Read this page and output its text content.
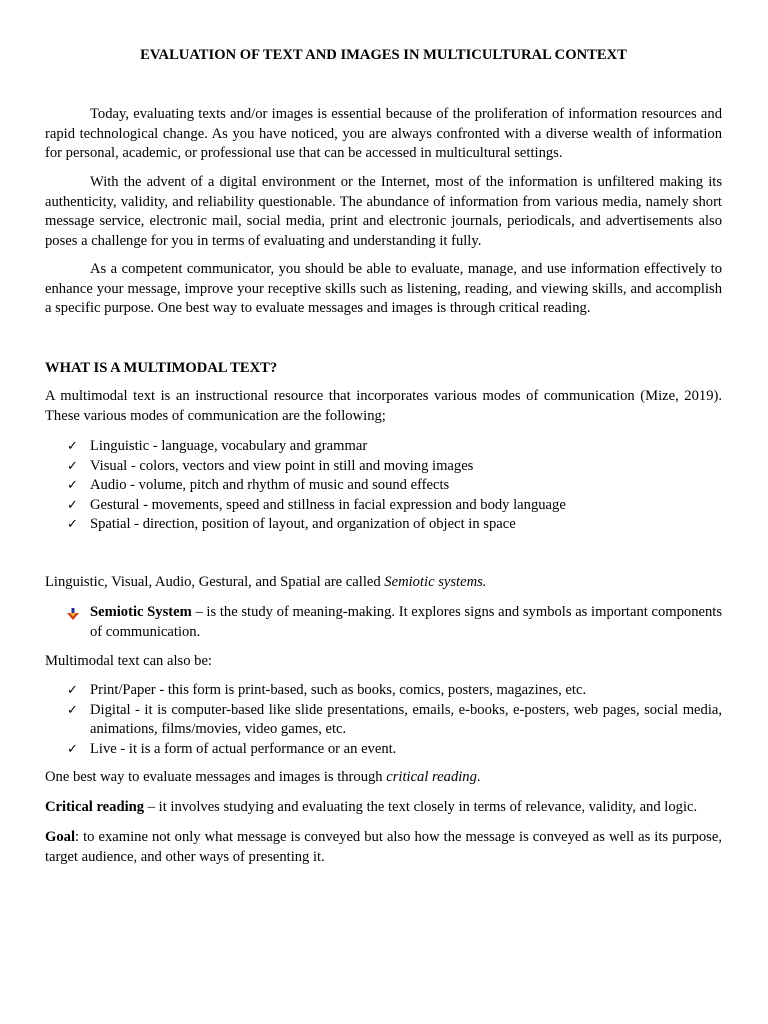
EVALUATION OF TEXT AND IMAGES IN MULTICULTURAL CONTEXT

Today, evaluating texts and/or images is essential because of the proliferation of information resources and rapid technological change. As you have noticed, you are always confronted with a diverse wealth of information for personal, academic, or professional use that can be accessed in multicultural settings.

With the advent of a digital environment or the Internet, most of the information is unfiltered making its authenticity, validity, and reliability questionable. The abundance of information from various media, namely short message service, electronic mail, social media, print and electronic journals, periodicals, and advertisements also poses a challenge for you in terms of evaluating and understanding it fully.

As a competent communicator, you should be able to evaluate, manage, and use information effectively to enhance your message, improve your receptive skills such as listening, reading, and viewing skills, and accomplish a specific purpose. One best way to evaluate messages and images is through critical reading.

WHAT IS A MULTIMODAL TEXT?

A multimodal text is an instructional resource that incorporates various modes of communication (Mize, 2019). These various modes of communication are the following;

✓ Linguistic - language, vocabulary and grammar
✓ Visual - colors, vectors and view point in still and moving images
✓ Audio - volume, pitch and rhythm of music and sound effects
✓ Gestural - movements, speed and stillness in facial expression and body language
✓ Spatial - direction, position of layout, and organization of object in space

Linguistic, Visual, Audio, Gestural, and Spatial are called Semiotic systems.

Semiotic System – is the study of meaning-making. It explores signs and symbols as important components of communication.

Multimodal text can also be:

✓ Print/Paper - this form is print-based, such as books, comics, posters, magazines, etc.
✓ Digital - it is computer-based like slide presentations, emails, e-books, e-posters, web pages, social media, animations, films/movies, video games, etc.
✓ Live - it is a form of actual performance or an event.

One best way to evaluate messages and images is through critical reading.

Critical reading – it involves studying and evaluating the text closely in terms of relevance, validity, and logic.

Goal: to examine not only what message is conveyed but also how the message is conveyed as well as its purpose, target audience, and other ways of presenting it.
